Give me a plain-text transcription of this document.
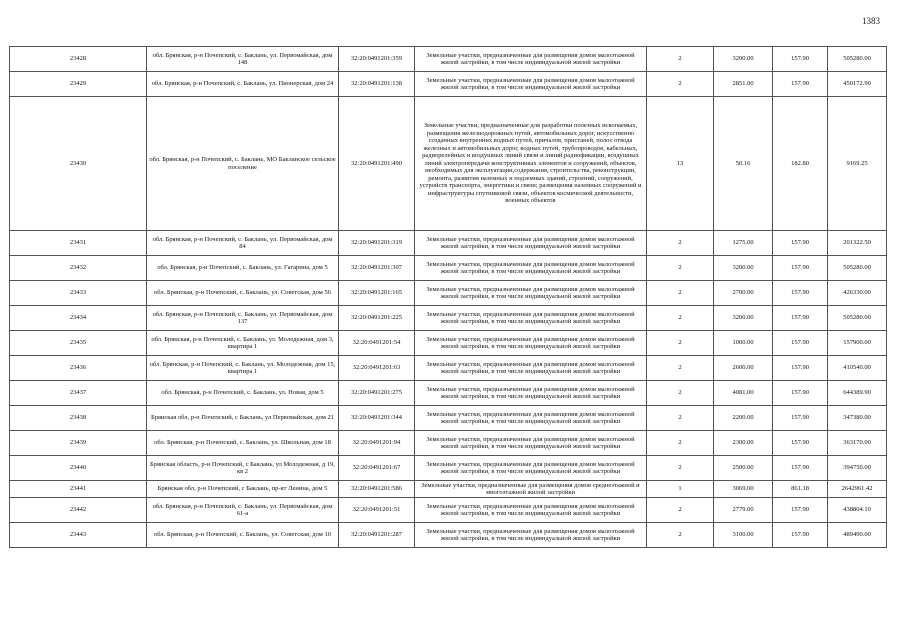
1383
23428	обл. Брянская, р-н Почепский, с. Баклань, ул. Первомайская, дом 148	32:20:0491201:359	Земельные участки, предназначенные для размещения домов малоэтажной жилой застройки, в том числе индивидуальной жилой застройки	2	3200.00	157.90	505280.00
23429	обл. Брянская, р-н Почепский, с. Баклань, ул. Пионерская, дом 24	32:20:0491201:138	Земельные участки, предназначенные для размещения домов малоэтажной жилой застройки, в том числе индивидуальной жилой застройки	2	2851.00	157.90	450172.90
23430	обл. Брянская, р-н Почепский, с. Баклань, МО Бакланское сельское поселение	32:20:0491201:490	Земельные участки, предназначенные для разработки полезных ископаемых, размещения железнодорожных путей, автомобильных дорог, искусственно созданных внутренних водных путей, причалов, пристаней, полос отвода железных и автомобильных дорог, водных путей, трубопроводов, кабельных, радиорелейных и воздушных линий связи и линий радиофикации, воздушных линий электропередачи конструктивных элементов и сооружений, объектов, необходимых для эксплуатации,содержания, строительства, реконструкции, ремонта, развития наземных и подземных зданий, строений, сооружений, устройств транспорта, энергетики и связи; размещения наземных сооружений и инфраструктуры спутниковой связи, объектов космической деятельности, военных объектов	13	50.16	182.80	9169.25
23431	обл. Брянская, р-н Почепский, с. Баклань, ул. Первомайская, дом 84	32:20:0491201:319	Земельные участки, предназначенные для размещения домов малоэтажной жилой застройки, в том числе индивидуальной жилой застройки	2	1275.00	157.90	201322.50
23432	обл. Брянская, р-н Почепский, с. Баклань, ул. Гагарина, дом 5	32:20:0491201:307	Земельные участки, предназначенные для размещения домов малоэтажной жилой застройки, в том числе индивидуальной жилой застройки	2	3200.00	157.90	505280.00
23433	обл. Брянская, р-н Почепский, с. Баклань, ул. Советская, дом 56	32:20:0491201:165	Земельные участки, предназначенные для размещения домов малоэтажной жилой застройки, в том числе индивидуальной жилой застройки	2	2700.00	157.90	426330.00
23434	обл. Брянская, р-н Почепский, с. Баклань, ул. Первомайская, дом 137	32:20:0491201:225	Земельные участки, предназначенные для размещения домов малоэтажной жилой застройки, в том числе индивидуальной жилой застройки	2	3200.00	157.90	505280.00
23435	обл. Брянская, р-н Почепский, с. Баклань, ул. Молодежная, дом 3, квартира 1	32:20:0491201:54	Земельные участки, предназначенные для размещения домов малоэтажной жилой застройки, в том числе индивидуальной жилой застройки	2	1000.00	157.90	157900.00
23436	обл. Брянская, р-н Почепский, с. Баклань, ул. Молодежная, дом 15, квартира 1	32:20:0491201:63	Земельные участки, предназначенные для размещения домов малоэтажной жилой застройки, в том числе индивидуальной жилой застройки	2	2600.00	157.90	410540.00
23437	обл. Брянская, р-н Почепский, с. Баклань, ул. Новая, дом 5	32:20:0491201:275	Земельные участки, предназначенные для размещения домов малоэтажной жилой застройки, в том числе индивидуальной жилой застройки	2	4081.00	157.90	644389.90
23438	Брянская обл, р-н Почепский, с Баклань, ул Первомайская, дом 21	32:20:0491201:344	Земельные участки, предназначенные для размещения домов малоэтажной жилой застройки, в том числе индивидуальной жилой застройки	2	2200.00	157.90	347380.00
23439	обл. Брянская, р-н Почепский, с. Баклань, ул. Школьная, дом 18	32:20:0491201:94	Земельные участки, предназначенные для размещения домов малоэтажной жилой застройки, в том числе индивидуальной жилой застройки	2	2300.00	157.90	363170.00
23440	Брянская область, р-н Почепский, с Баклань, ул Молодежная, д 19, кв 2	32:20:0491201:67	Земельные участки, предназначенные для размещения домов малоэтажной жилой застройки, в том числе индивидуальной жилой застройки	2	2500.00	157.90	394750.00
23441	Брянская обл, р-н Почепский, с Баклань, пр-кт Ленина, дом 5	32:20:0491201:586	Земельные участки, предназначенные для размещения домов среднеэтажной и многоэтажной жилой застройки	1	3069.00	861.18	2642961.42
23442	обл. Брянская, р-н Почепский, с. Баклань, ул. Первомайская, дом 61-а	32:20:0491201:51	Земельные участки, предназначенные для размещения домов малоэтажной жилой застройки, в том числе индивидуальной жилой застройки	2	2779.00	157.90	438804.10
23443	обл. Брянская, р-н Почепский, с. Баклань, ул. Советская, дом 10	32:20:0491201:287	Земельные участки, предназначенные для размещения домов малоэтажной жилой застройки, в том числе индивидуальной жилой застройки	2	3100.00	157.90	489490.00
